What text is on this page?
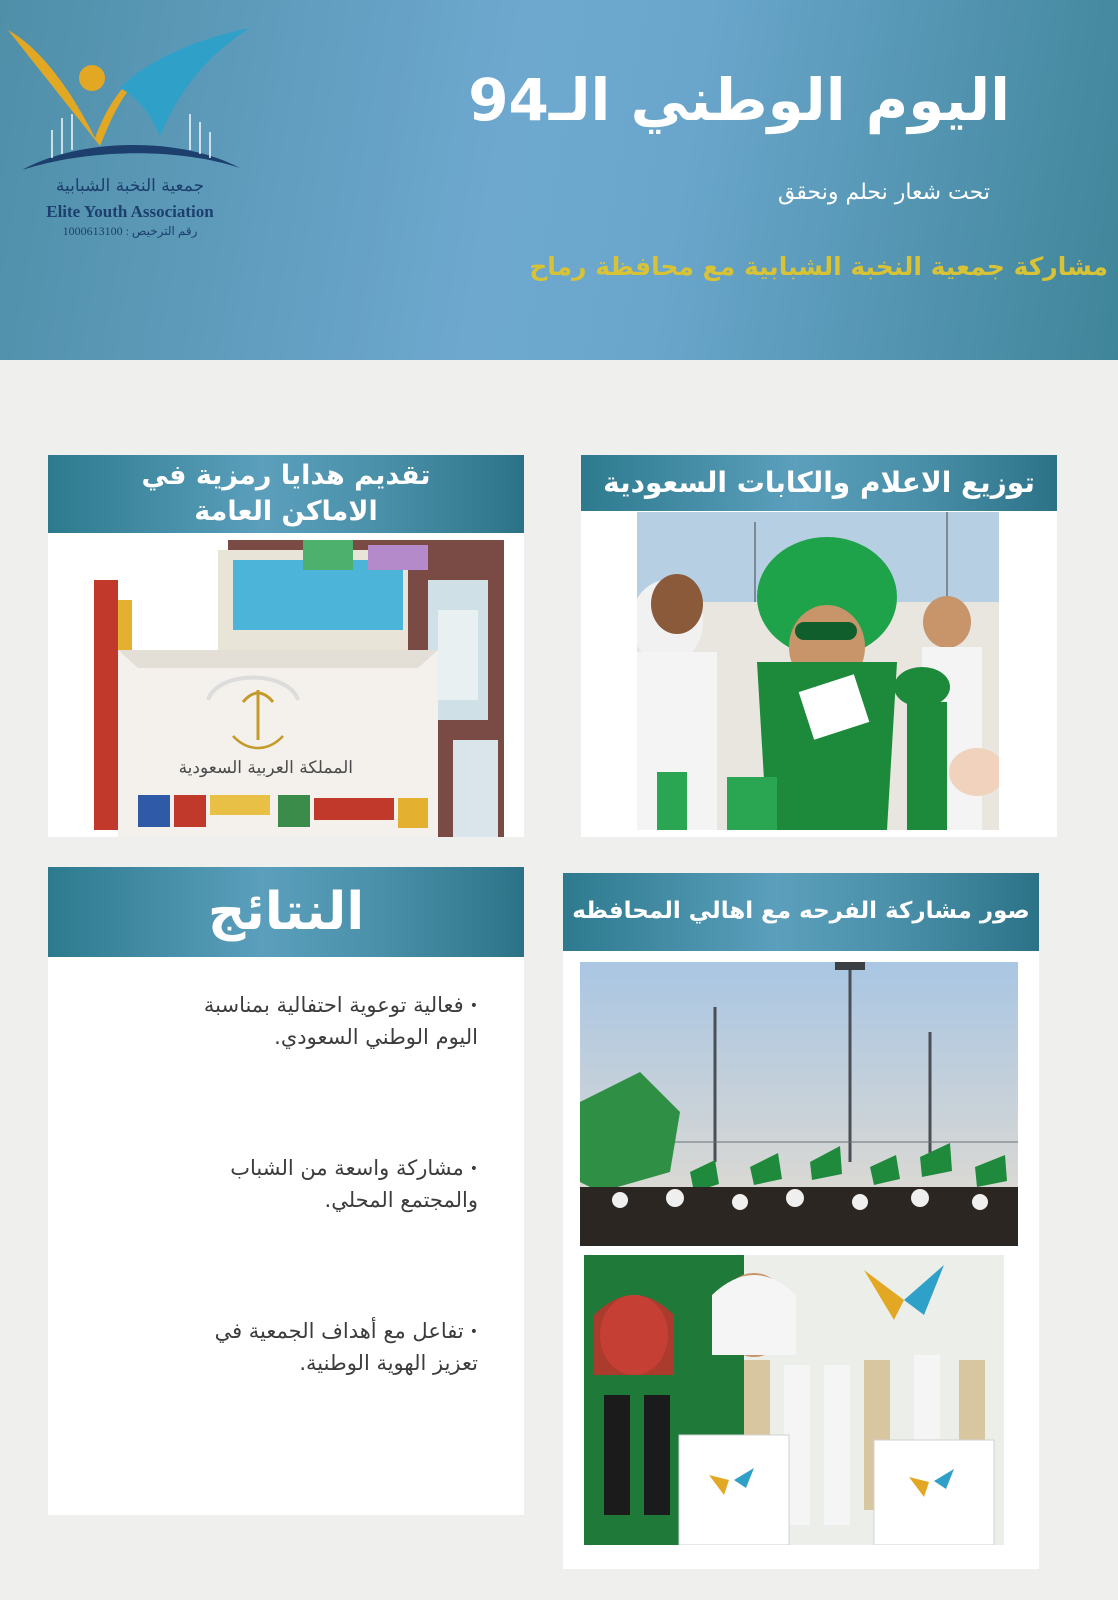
جمعية النخبة الشبابية
Elite Youth Association
رقم الترخيص : 1000613100
اليوم الوطني الـ94
تحت شعار نحلم ونحقق
مشاركة جمعية النخبة الشبابية مع محافظة رماح
تقديم هدايا رمزية في
الاماكن العامة
المملكة العربية السعودية
توزيع الاعلام والكابات السعودية
النتائج
•فعالية توعوية احتفالية بمناسبة
اليوم الوطني السعودي.
•مشاركة واسعة من الشباب
والمجتمع المحلي.
•تفاعل مع أهداف الجمعية في
تعزيز الهوية الوطنية.
صور مشاركة الفرحه مع اهالي المحافظه
